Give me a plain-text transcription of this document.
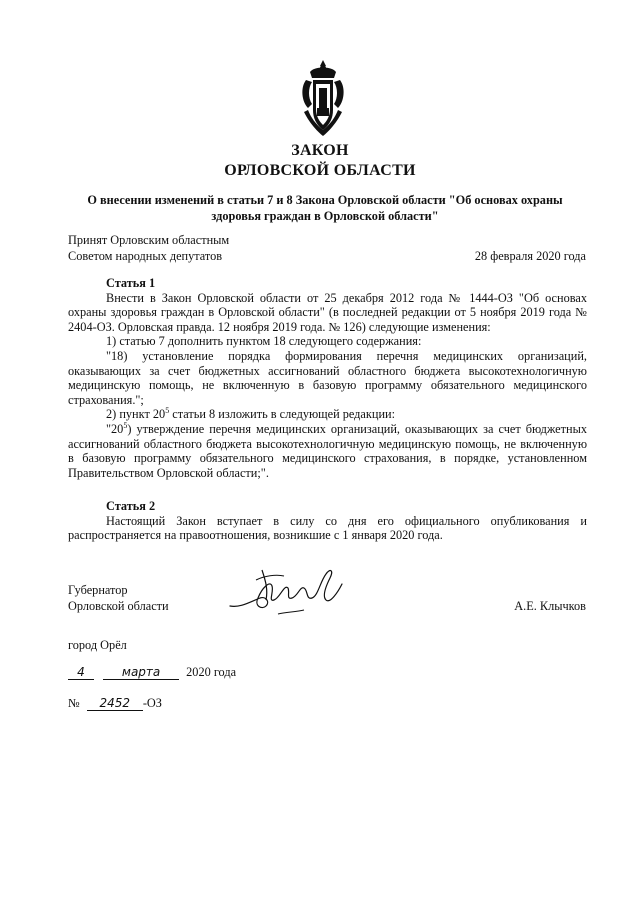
ЗАКОН
ОРЛОВСКОЙ ОБЛАСТИ
О внесении изменений в статьи 7 и 8 Закона Орловской области "Об основах охраны здоровья граждан в Орловской области"
Принят Орловским областным
Советом народных депутатов	28 февраля 2020 года

Статья 1

Внести в Закон Орловской области от 25 декабря 2012 года № 1444-ОЗ "Об основах охраны здоровья граждан в Орловской области" (в последней редакции от 5 ноября 2019 года № 2404-ОЗ. Орловская правда. 12 ноября 2019 года. № 126) следующие изменения:

1) статью 7 дополнить пунктом 18 следующего содержания:

"18) установление порядка формирования перечня медицинских организаций, оказывающих за счет бюджетных ассигнований областного бюджета высокотехнологичную медицинскую помощь, не включенную в базовую программу обязательного медицинского страхования.";

2) пункт $20^5$ статьи 8 изложить в следующей редакции:

"$20^5$) утверждение перечня медицинских организаций, оказывающих за счет бюджетных ассигнований областного бюджета высокотехнологичную медицинскую помощь, не включенную в базовую программу обязательного медицинского страхования, в порядке, установленном Правительством Орловской области;".

Статья 2

Настоящий Закон вступает в силу со дня его официального опубликования и распространяется на правоотношения, возникшие с 1 января 2020 года.

Губернатор
Орловской области	А.Е. Клычков
город Орёл
4	марта 2020 года
№ 2452 -ОЗ
